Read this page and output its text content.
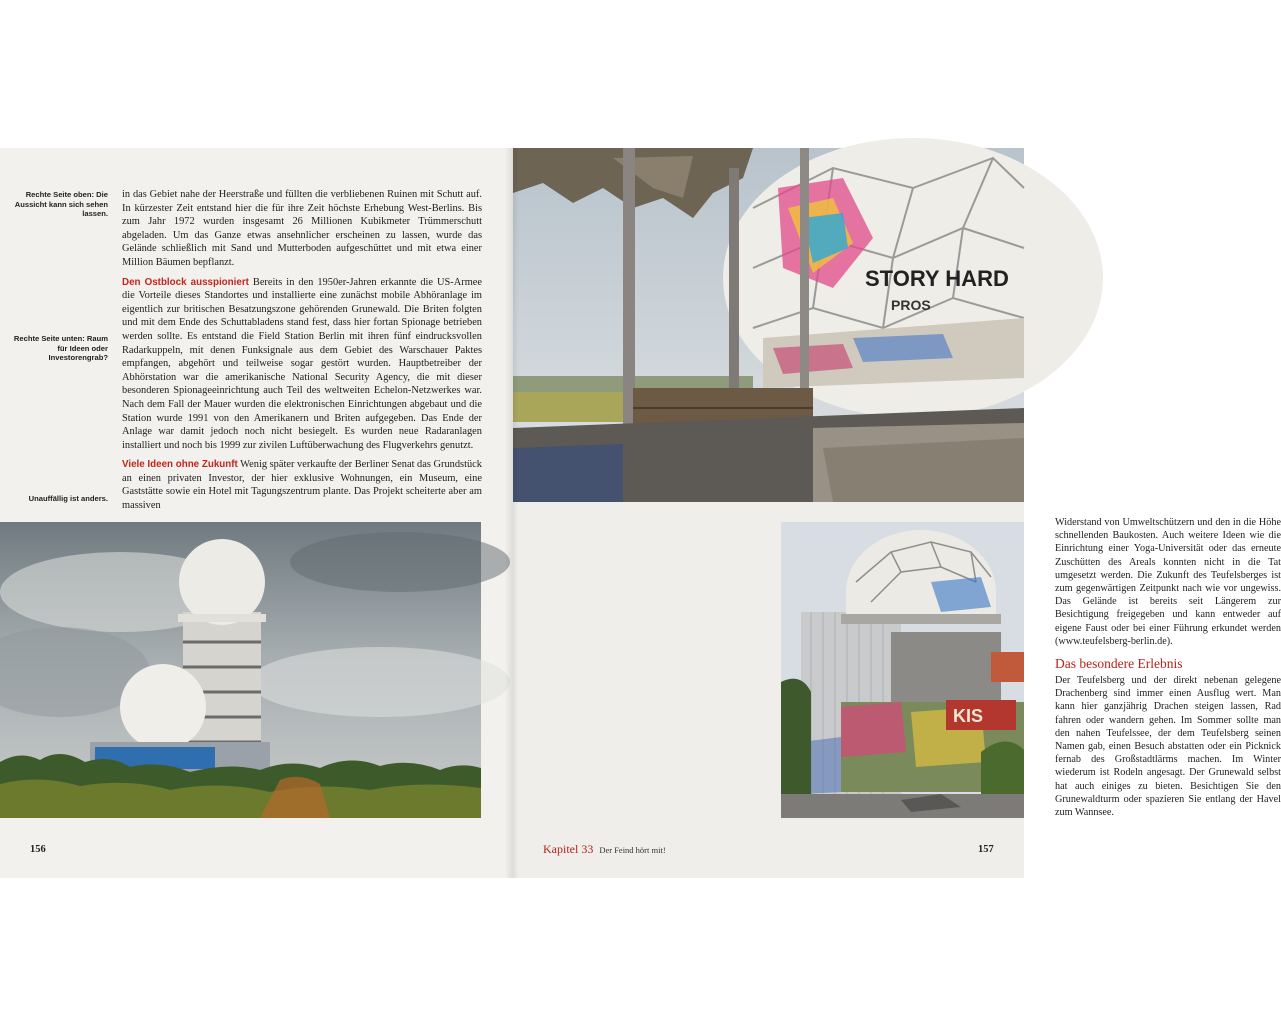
Rechte Seite oben: Die Aussicht kann sich sehen lassen.
Rechte Seite unten: Raum für Ideen oder Investorengrab?
Unauffällig ist anders.

in das Gebiet nahe der Heerstraße und füllten die verbliebenen Ruinen mit Schutt auf. In kürzester Zeit entstand hier die für ihre Zeit höchste Erhebung West-Berlins. Bis zum Jahr 1972 wurden insgesamt 26 Millionen Kubikmeter Trümmerschutt abgeladen. Um das Ganze etwas ansehnlicher erscheinen zu lassen, wurde das Gelände schließlich mit Sand und Mutterboden aufgeschüttet und mit etwa einer Million Bäumen bepflanzt.

Den Ostblock ausspioniert Bereits in den 1950er-Jahren erkannte die US-Armee die Vorteile dieses Standortes und installierte eine zunächst mobile Abhöranlage im eigentlich zur britischen Besatzungszone gehörenden Grunewald. Die Briten folgten und mit dem Ende des Schuttabladens stand fest, dass hier fortan Spionage betrieben werden sollte. Es entstand die Field Station Berlin mit ihren fünf eindrucksvollen Radarkuppeln, mit denen Funksignale aus dem Gebiet des Warschauer Paktes empfangen, abgehört und teilweise sogar gestört wurden. Hauptbetreiber der Abhörstation war die amerikanische National Security Agency, die mit dieser besonderen Spionageeinrichtung auch Teil des weltweiten Echelon-Netzwerkes war. Nach dem Fall der Mauer wurden die elektronischen Einrichtungen abgebaut und die Station wurde 1991 von den Amerikanern und Briten aufgegeben. Das Ende der Anlage war damit jedoch noch nicht besiegelt. Es wurden neue Radaranlagen installiert und noch bis 1999 zur zivilen Luftüberwachung des Flugverkehrs genutzt.

Viele Ideen ohne Zukunft Wenig später verkaufte der Berliner Senat das Grundstück an einen privaten Investor, der hier exklusive Wohnungen, ein Museum, eine Gaststätte sowie ein Hotel mit Tagungszentrum plante. Das Projekt scheiterte aber am massiven

156
STORY HARD
PROS
KIS

Widerstand von Umweltschützern und den in die Höhe schnellenden Baukosten. Auch weitere Ideen wie die Einrichtung einer Yoga-Universität oder das erneute Zuschütten des Areals konnten nicht in die Tat umgesetzt werden. Die Zukunft des Teufelsberges ist zum gegenwärtigen Zeitpunkt nach wie vor ungewiss. Das Gelände ist bereits seit Längerem zur Besichtigung freigegeben und kann entweder auf eigene Faust oder bei einer Führung erkundet werden (www.teufelsberg-berlin.de).

Das besondere Erlebnis

Der Teufelsberg und der direkt nebenan gelegene Drachenberg sind immer einen Ausflug wert. Man kann hier ganzjährig Drachen steigen lassen, Rad fahren oder wandern gehen. Im Sommer sollte man den nahen Teufelssee, der dem Teufelsberg seinen Namen gab, einen Besuch abstatten oder ein Picknick fernab des Großstadtlärms machen. Im Winter wiederum ist Rodeln angesagt. Der Grunewald selbst hat auch einiges zu bieten. Besichtigen Sie den Grunewaldturm oder spazieren Sie entlang der Havel zum Wannsee.

Kapitel 33 Der Feind hört mit!	157
